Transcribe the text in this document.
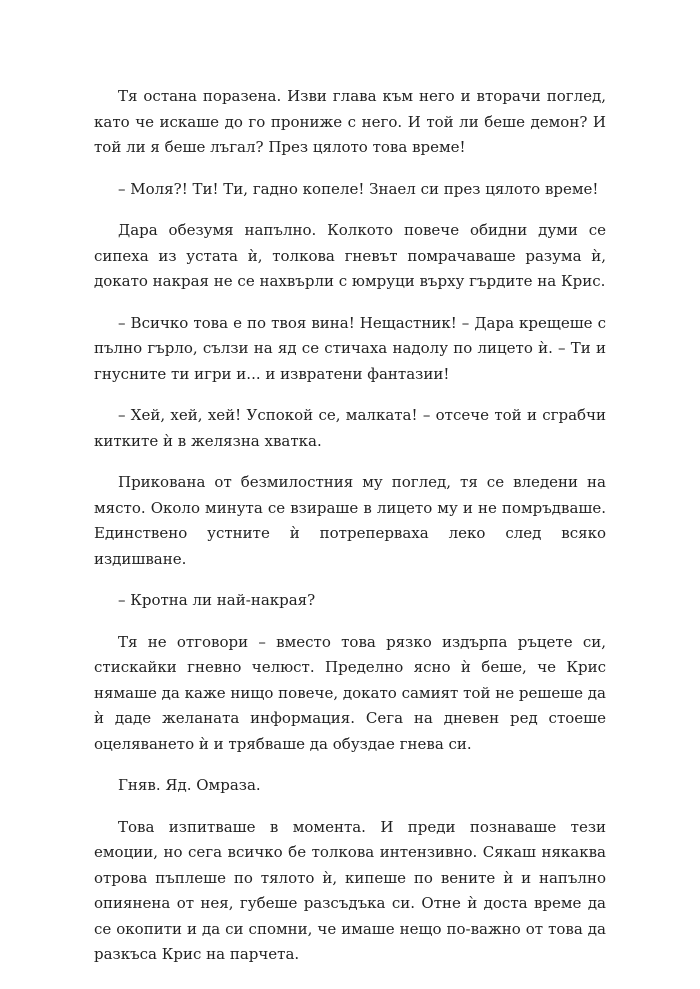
Тя остана поразена. Изви глава към него и вторачи поглед, като че искаше до го прониже с него. И той ли беше демон? И той ли я беше лъгал? През цялото това време!

– Моля?! Ти! Ти, гадно копеле! Знаел си през цялото време!

Дара обезумя напълно. Колкото повече обидни думи се сипеха из устата ѝ, толкова гневът помрачаваше разума ѝ, докато накрая не се нахвърли с юмруци върху гърдите на Крис.

– Всичко това е по твоя вина! Нещастник! – Дара крещеше с пълно гърло, сълзи на яд се стичаха надолу по лицето ѝ. – Ти и гнусните ти игри и... и извратени фантазии!

– Хей, хей, хей! Успокой се, малката! – отсече той и сграбчи китките ѝ в желязна хватка.

Прикована от безмилостния му поглед, тя се вледени на място. Около минута се взираше в лицето му и не помръдваше. Единствено устните ѝ потреперваха леко след всяко издишване.

– Кротна ли най-накрая?

Тя не отговори – вместо това рязко издърпа ръцете си, стискайки гневно челюст. Пределно ясно ѝ беше, че Крис нямаше да каже нищо повече, докато самият той не решеше да ѝ даде желаната информация. Сега на дневен ред стоеше оцеляването ѝ и трябваше да обуздае гнева си.

Гняв. Яд. Омраза.

Това изпитваше в момента. И преди познаваше тези емоции, но сега всичко бе толкова интензивно. Сякаш някаква отрова пъплеше по тялото ѝ, кипеше по вените ѝ и напълно опиянена от нея, губеше разсъдъка си. Отне ѝ доста време да се окопити и да си спомни, че имаше нещо по-важно от това да разкъса Крис на парчета.
